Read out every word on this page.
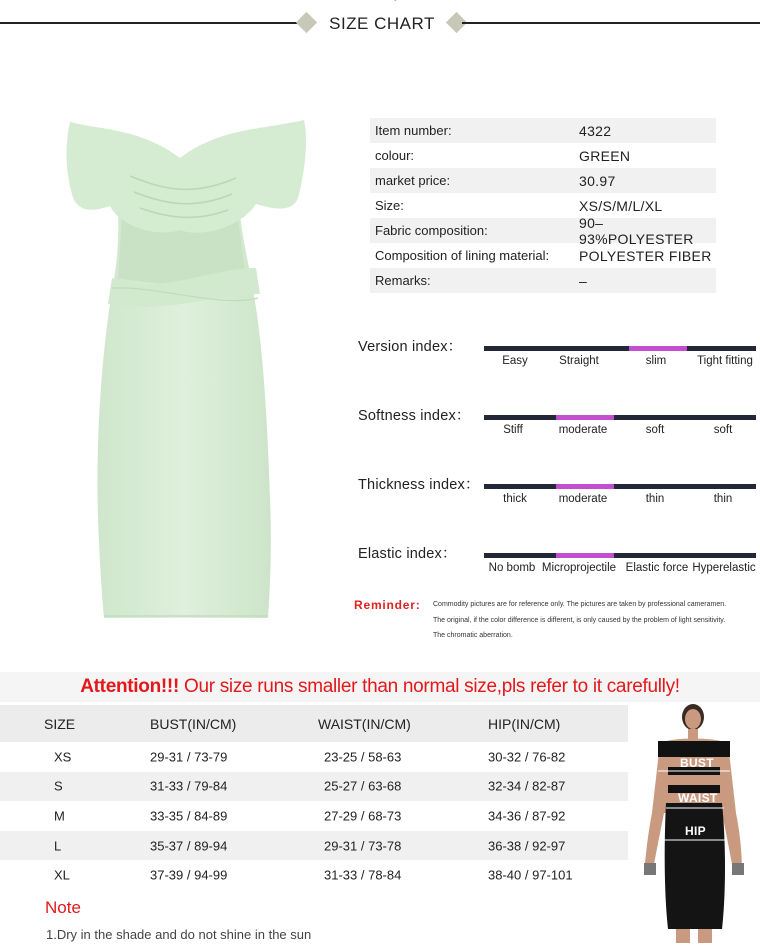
SIZE CHART
Item number:	4322
colour:	GREEN
market price:	30.97
Size:	XS/S/M/L/XL
Fabric composition:	90–93%POLYESTER
Composition of lining material:	POLYESTER FIBER
Remarks:	–
Version index：
Easy	Straight	slim	Tight fitting
Softness index：
Stiff	moderate	soft	soft
Thickness index：
thick	moderate	thin	thin
Elastic index：
No bomb Microprojectile Elastic force Hyperelastic
Reminder: Commodity pictures are for reference only. The pictures are taken by professional cameramen.
The original, if the color difference is different, is only caused by the problem of light sensitivity.
The chromatic aberration.
Attention!!! Our size runs smaller than normal size,pls refer to it carefully!
SIZE	BUST(IN/CM)	WAIST(IN/CM)	HIP(IN/CM)
XS	29-31 / 73-79	23-25 / 58-63	30-32 / 76-82
S	31-33 / 79-84	25-27 / 63-68	32-34 / 82-87
M	33-35 / 84-89	27-29 / 68-73	34-36 / 87-92
L	35-37 / 89-94	29-31 / 73-78	36-38 / 92-97
XL	37-39 / 94-99	31-33 / 78-84	38-40 / 97-101
BUST
WAIST
HIP
Note
1.Dry in the shade and do not shine in the sun
